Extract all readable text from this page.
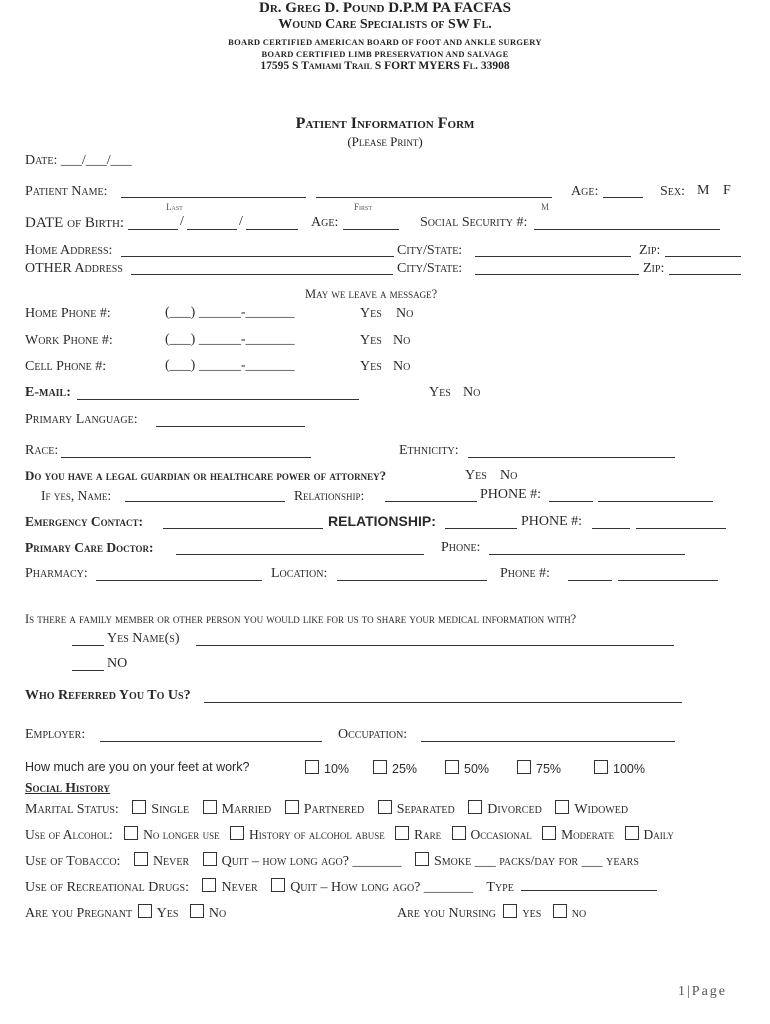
Dr. Greg D. Pound D.P.M PA FACFAS
Wound Care Specialists of SW Fl.
BOARD CERTIFIED AMERICAN BOARD OF FOOT AND ANKLE SURGERY
BOARD CERTIFIED LIMB PRESERVATION AND SALVAGE
17595 S Tamiami Trail S FORT MYERS Fl. 33908
Patient Information Form
(Please Print)
Date: ___/___/___
Patient Name:
Last	First	M
Age:	Sex: M F
DATE of Birth:	/	/	Age:	Social Security #:
Home Address:	City/State:	Zip:
OTHER Address	City/State:	Zip:
May we leave a message?
Home Phone #:	(___) ______-_______	Yes No
Work Phone #:	(___) ______-_______	Yes No
Cell Phone #:	(___) ______-_______	Yes No
E-mail:	Yes No
Primary Language:
Race:	Ethnicity:
Do you have a legal guardian or healthcare power of attorney?	Yes No
If yes, Name:	Relationship:	PHONE #:
Emergency Contact:	RELATIONSHIP:	PHONE #:
Primary Care Doctor:	Phone:
Pharmacy:	Location:	Phone #:
Is there a family member or other person you would like for us to share your medical information with?
Yes Name(s)
NO
Who Referred You To Us?
Employer:	Occupation:
How much are you on your feet at work?	10%	25%	50%	75%	100%
Social History
Marital Status: Single Married Partnered Separated Divorced Widowed
Use of Alcohol: No longer use History of alcohol abuse Rare Occasional Moderate Daily
Use of Tobacco: Never Quit – how long ago? _______ Smoke ___ packs/day for ___ years
Use of Recreational Drugs: Never Quit – How long ago? _______ Type
Are you Pregnant Yes No	Are you Nursing yes no
1|Page
